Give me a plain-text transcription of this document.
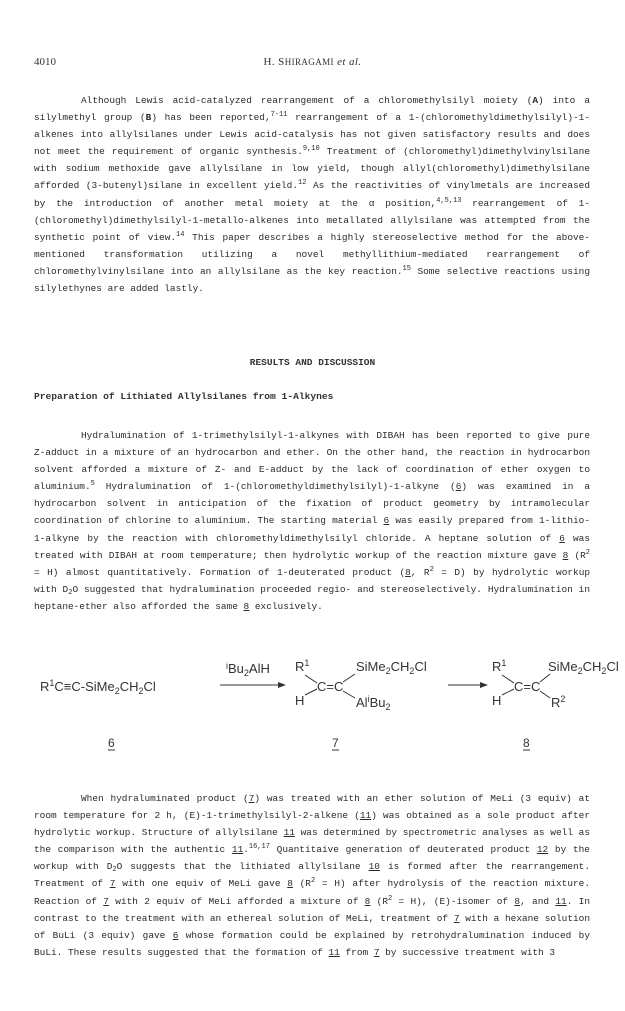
4010	H. SHIRAGAMI et al.

Although Lewis acid-catalyzed rearrangement of a chloromethylsilyl moiety (A) into a silylmethyl group (B) has been reported,$^{7-11}$ rearrangement of a 1-(chloromethyldimethylsilyl)-1-alkenes into allylsilanes under Lewis acid-catalysis has not given satisfactory results and does not meet the requirement of organic synthesis.$^{9,10}$ Treatment of (chloromethyl)dimethylvinylsilane with sodium methoxide gave allylsilane in low yield, though allyl(chloromethyl)dimethylsilane afforded (3-butenyl)silane in excellent yield.$^{12}$ As the reactivities of vinylmetals are increased by the introduction of another metal moiety at the α position,$^{4,5,13}$ rearrangement of 1-(chloromethyl)dimethylsilyl-1-metallo-alkenes into metallated allylsilane was attempted from the synthetic point of view.$^{14}$ This paper describes a highly stereoselective method for the above-mentioned transformation utilizing a novel methyllithium-mediated rearrangement of chloromethylvinylsilane into an allylsilane as the key reaction.$^{15}$ Some selective reactions using silylethynes are added lastly.

RESULTS AND DISCUSSION
Preparation of Lithiated Allylsilanes from 1-Alkynes

Hydralumination of 1-trimethylsilyl-1-alkynes with DIBAH has been reported to give pure Z-adduct in a mixture of an hydrocarbon and ether. On the other hand, the reaction in hydrocarbon solvent afforded a mixture of Z- and E-adduct by the lack of coordination of ether oxygen to aluminium.$^5$ Hydralumination of 1-(chloromethyldimethylsilyl)-1-alkyne (6) was examined in a hydrocarbon solvent in anticipation of the fixation of product geometry by intramolecular coordination of chlorine to aluminium. The starting material 6 was easily prepared from 1-lithio-1-alkyne by the reaction with chloromethyldimethylsilyl chloride. A heptane solution of 6 was treated with DIBAH at room temperature; then hydrolytic workup of the reaction mixture gave 8 $(R^2 = H)$ almost quantitatively. Formation of 1-deuterated product (8, $R^2 = D$) by hydrolytic workup with $D_2O$ suggested that hydralumination proceeded regio- and stereoselectively. Hydralumination in heptane-ether also afforded the same 8 exclusively.

$R^1C\equiv C-SiMe_2CH_2Cl$
$^iBu_2AlH$ $R^1$
H
C=C
$SiMe_2CH_2Cl$
$Al^iBu_2$
$R^1$
H
C=C
$SiMe_2CH_2Cl$
$R^2$
6	7	8

When hydraluminated product (7) was treated with an ether solution of MeLi (3 equiv) at room temperature for 2 h, (E)-1-trimethylsilyl-2-alkene (11) was obtained as a sole product after hydrolytic workup. Structure of allylsilane 11 was determined by spectrometric analyses as well as the comparison with the authentic 11.$^{16,17}$ Quantitaive generation of deuterated product 12 by the workup with $D_2O$ suggests that the lithiated allylsilane 10 is formed after the rearrangement. Treatment of 7 with one equiv of MeLi gave 8 $(R^2 = H)$ after hydrolysis of the reaction mixture. Reaction of 7 with 2 equiv of MeLi afforded a mixture of 8 $(R^2 = H)$, (E)-isomer of 8, and 11. In contrast to the treatment with an ethereal solution of MeLi, treatment of 7 with a hexane solution of BuLi (3 equiv) gave 6 whose formation could be explained by retrohydralumination induced by BuLi. These results suggested that the formation of 11 from 7 by successive treatment with 3
